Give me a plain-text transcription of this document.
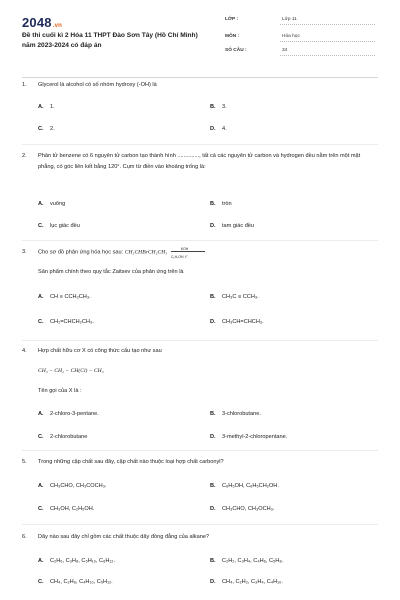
2048.vn
Đề thi cuối kì 2 Hóa 11 THPT Đào Sơn Tây (Hồ Chí Minh)
năm 2023-2024 có đáp án
LỚP :	Lớp 11
MÔN :	Hóa học
SỐ CÂU :	34
1.	Glycerol là alcohol có số nhóm hydroxy (-OH) là
A. 1.	B. 3.
C. 2.	D. 4.
2.	Phân tử benzene có 6 nguyên tử carbon tạo thành hình .............., tất cả các nguyên tử carbon và hydrogen đều nằm trên một mặt phẳng, có góc liên kết bằng 120°. Cụm từ điền vào khoảng trống là:
A. vuông	B. tròn
C. lục giác đều	D. tam giác đều
3.	Cho sơ đồ phản ứng hóa học sau: CH₃CHBrCH₂CH₃
KOH
C₂H₅OH, t°
Sản phẩm chính theo quy tắc Zaitsev của phản ứng trên là
A. CH ≡ CCH₂CH₃.	B. CH₃C ≡ CCH₃.
C. CH₂=CHCH₂CH₃.	D. CH₃CH=CHCH₃.
4.	Hợp chất hữu cơ X có công thức cấu tạo như sau
CH₃ − CH₂ − CH(Cl) − CH₃
Tên gọi của X là :
A. 2-chloro-3-pentane.	B. 3-chlorobutane.
C. 2-chlorobutane	D. 3-methyl-2-chloropentane.
5.	Trong những cặp chất sau đây, cặp chất nào thuộc loại hợp chất carbonyl?
A. CH₃CHO, CH₃COCH₃.	B. C₆H₅OH, C₆H₅CH₂OH.
C. CH₃OH, C₂H₅OH.	D. CH₃CHO, CH₃OCH₃.
6.	Dãy nào sau đây chỉ gồm các chất thuộc dãy đồng đẳng của alkane?
A. C₂H₆, C₃H₈, C₅H₁₀, C₆H₁₂.	B. C₂H₂, C₃H₄, C₄H₆, C₅H₈.
C. CH₄, C₂H₆, C₄H₁₀, C₅H₁₂.	D. CH₄, C₂H₂, C₃H₄, C₄H₁₀.
